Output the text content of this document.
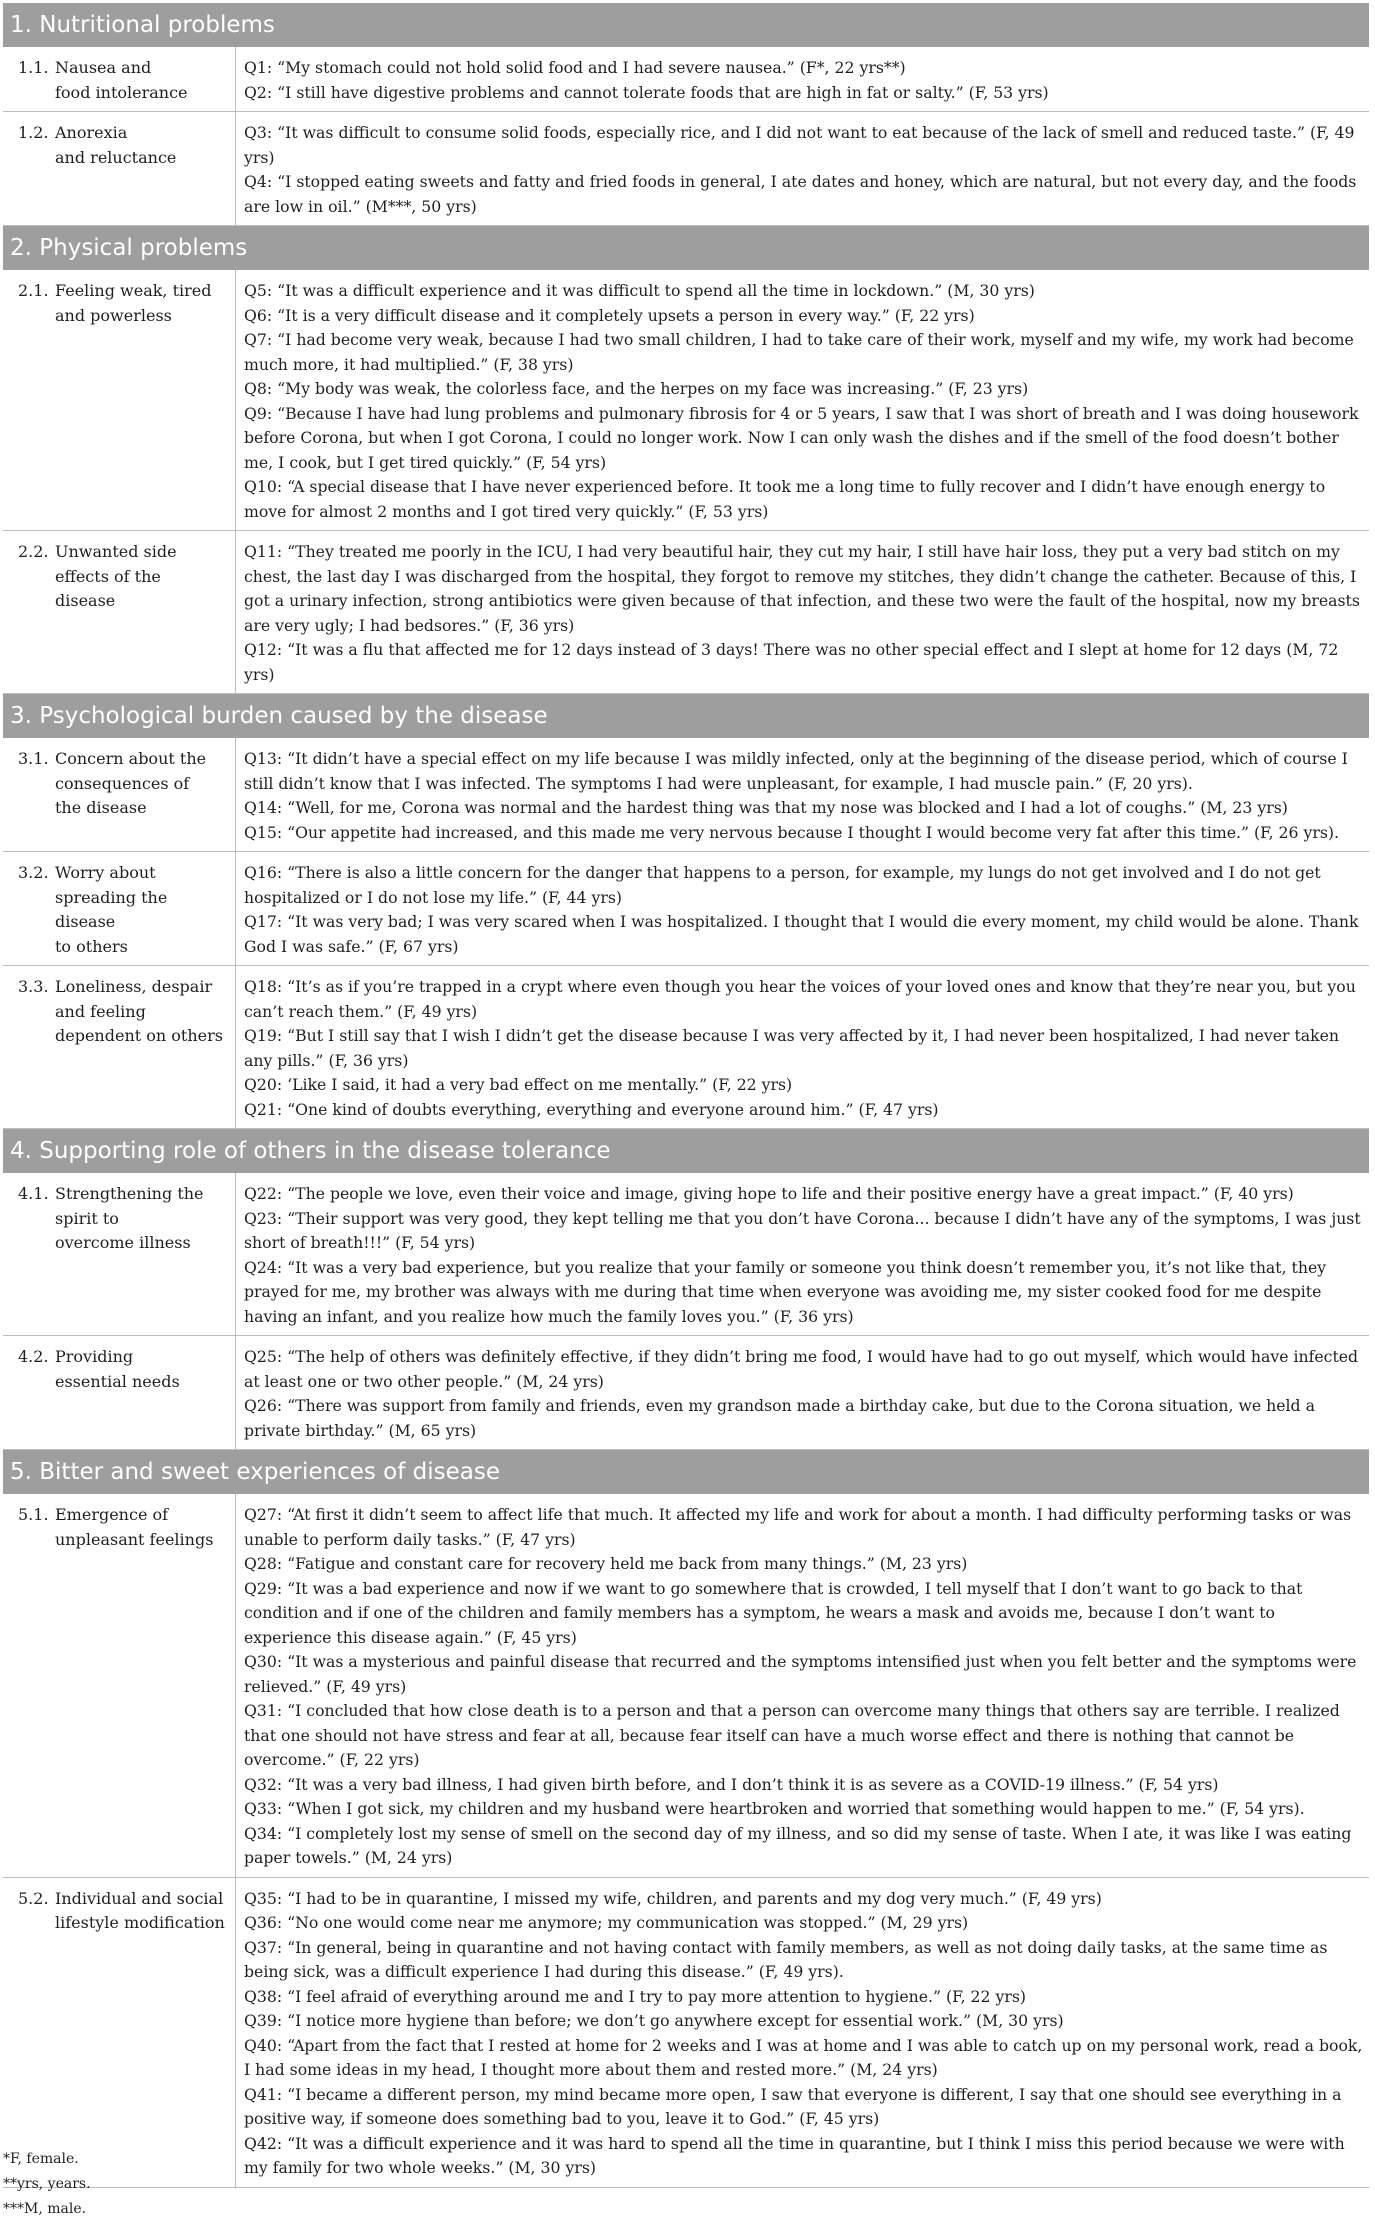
1. Nutritional problems
1.1. Nausea and
food intolerance
Q1: “My stomach could not hold solid food and I had severe nausea.” (F*, 22 yrs**)
Q2: “I still have digestive problems and cannot tolerate foods that are high in fat or salty.” (F, 53 yrs)
1.2. Anorexia
and reluctance
Q3: “It was difficult to consume solid foods, especially rice, and I did not want to eat because of the lack of smell and reduced taste.” (F, 49 yrs)
Q4: “I stopped eating sweets and fatty and fried foods in general, I ate dates and honey, which are natural, but not every day, and the foods are low in oil.” (M***, 50 yrs)
2. Physical problems
2.1. Feeling weak, tired
and powerless
Q5: “It was a difficult experience and it was difficult to spend all the time in lockdown.” (M, 30 yrs)
Q6: “It is a very difficult disease and it completely upsets a person in every way.” (F, 22 yrs)
Q7: “I had become very weak, because I had two small children, I had to take care of their work, myself and my wife, my work had become much more, it had multiplied.” (F, 38 yrs)
Q8: “My body was weak, the colorless face, and the herpes on my face was increasing.” (F, 23 yrs)
Q9: “Because I have had lung problems and pulmonary fibrosis for 4 or 5 years, I saw that I was short of breath and I was doing housework before Corona, but when I got Corona, I could no longer work. Now I can only wash the dishes and if the smell of the food doesn’t bother me, I cook, but I get tired quickly.” (F, 54 yrs)
Q10: “A special disease that I have never experienced before. It took me a long time to fully recover and I didn’t have enough energy to move for almost 2 months and I got tired very quickly.” (F, 53 yrs)
2.2. Unwanted side
effects of the disease
Q11: “They treated me poorly in the ICU, I had very beautiful hair, they cut my hair, I still have hair loss, they put a very bad stitch on my chest, the last day I was discharged from the hospital, they forgot to remove my stitches, they didn’t change the catheter. Because of this, I got a urinary infection, strong antibiotics were given because of that infection, and these two were the fault of the hospital, now my breasts are very ugly; I had bedsores.” (F, 36 yrs)
Q12: “It was a flu that affected me for 12 days instead of 3 days! There was no other special effect and I slept at home for 12 days (M, 72 yrs)
3. Psychological burden caused by the disease
3.1. Concern about the
consequences of
the disease
Q13: “It didn’t have a special effect on my life because I was mildly infected, only at the beginning of the disease period, which of course I still didn’t know that I was infected. The symptoms I had were unpleasant, for example, I had muscle pain.” (F, 20 yrs).
Q14: “Well, for me, Corona was normal and the hardest thing was that my nose was blocked and I had a lot of coughs.” (M, 23 yrs)
Q15: “Our appetite had increased, and this made me very nervous because I thought I would become very fat after this time.” (F, 26 yrs).
3.2. Worry about
spreading the disease
to others
Q16: “There is also a little concern for the danger that happens to a person, for example, my lungs do not get involved and I do not get hospitalized or I do not lose my life.” (F, 44 yrs)
Q17: “It was very bad; I was very scared when I was hospitalized. I thought that I would die every moment, my child would be alone. Thank God I was safe.” (F, 67 yrs)
3.3. Loneliness, despair
and feeling
dependent on others
Q18: “It’s as if you’re trapped in a crypt where even though you hear the voices of your loved ones and know that they’re near you, but you can’t reach them.” (F, 49 yrs)
Q19: “But I still say that I wish I didn’t get the disease because I was very affected by it, I had never been hospitalized, I had never taken any pills.” (F, 36 yrs)
Q20: ‘Like I said, it had a very bad effect on me mentally.” (F, 22 yrs)
Q21: “One kind of doubts everything, everything and everyone around him.” (F, 47 yrs)
4. Supporting role of others in the disease tolerance
4.1. Strengthening the
spirit to
overcome illness
Q22: “The people we love, even their voice and image, giving hope to life and their positive energy have a great impact.” (F, 40 yrs)
Q23: “Their support was very good, they kept telling me that you don’t have Corona... because I didn’t have any of the symptoms, I was just short of breath!!!” (F, 54 yrs)
Q24: “It was a very bad experience, but you realize that your family or someone you think doesn’t remember you, it’s not like that, they prayed for me, my brother was always with me during that time when everyone was avoiding me, my sister cooked food for me despite having an infant, and you realize how much the family loves you.” (F, 36 yrs)
4.2. Providing
essential needs
Q25: “The help of others was definitely effective, if they didn’t bring me food, I would have had to go out myself, which would have infected at least one or two other people.” (M, 24 yrs)
Q26: “There was support from family and friends, even my grandson made a birthday cake, but due to the Corona situation, we held a private birthday.” (M, 65 yrs)
5. Bitter and sweet experiences of disease
5.1. Emergence of
unpleasant feelings
Q27: “At first it didn’t seem to affect life that much. It affected my life and work for about a month. I had difficulty performing tasks or was unable to perform daily tasks.” (F, 47 yrs)
Q28: “Fatigue and constant care for recovery held me back from many things.” (M, 23 yrs)
Q29: “It was a bad experience and now if we want to go somewhere that is crowded, I tell myself that I don’t want to go back to that condition and if one of the children and family members has a symptom, he wears a mask and avoids me, because I don’t want to experience this disease again.” (F, 45 yrs)
Q30: “It was a mysterious and painful disease that recurred and the symptoms intensified just when you felt better and the symptoms were relieved.” (F, 49 yrs)
Q31: “I concluded that how close death is to a person and that a person can overcome many things that others say are terrible. I realized that one should not have stress and fear at all, because fear itself can have a much worse effect and there is nothing that cannot be overcome.” (F, 22 yrs)
Q32: “It was a very bad illness, I had given birth before, and I don’t think it is as severe as a COVID-19 illness.” (F, 54 yrs)
Q33: “When I got sick, my children and my husband were heartbroken and worried that something would happen to me.” (F, 54 yrs).
Q34: “I completely lost my sense of smell on the second day of my illness, and so did my sense of taste. When I ate, it was like I was eating paper towels.” (M, 24 yrs)
5.2. Individual and social
lifestyle modification
Q35: “I had to be in quarantine, I missed my wife, children, and parents and my dog very much.” (F, 49 yrs)
Q36: “No one would come near me anymore; my communication was stopped.” (M, 29 yrs)
Q37: “In general, being in quarantine and not having contact with family members, as well as not doing daily tasks, at the same time as being sick, was a difficult experience I had during this disease.” (F, 49 yrs).
Q38: “I feel afraid of everything around me and I try to pay more attention to hygiene.” (F, 22 yrs)
Q39: “I notice more hygiene than before; we don’t go anywhere except for essential work.” (M, 30 yrs)
Q40: “Apart from the fact that I rested at home for 2 weeks and I was at home and I was able to catch up on my personal work, read a book, I had some ideas in my head, I thought more about them and rested more.” (M, 24 yrs)
Q41: “I became a different person, my mind became more open, I saw that everyone is different, I say that one should see everything in a positive way, if someone does something bad to you, leave it to God.” (F, 45 yrs)
Q42: “It was a difficult experience and it was hard to spend all the time in quarantine, but I think I miss this period because we were with my family for two whole weeks.” (M, 30 yrs)
*F, female.
**yrs, years.
***M, male.
